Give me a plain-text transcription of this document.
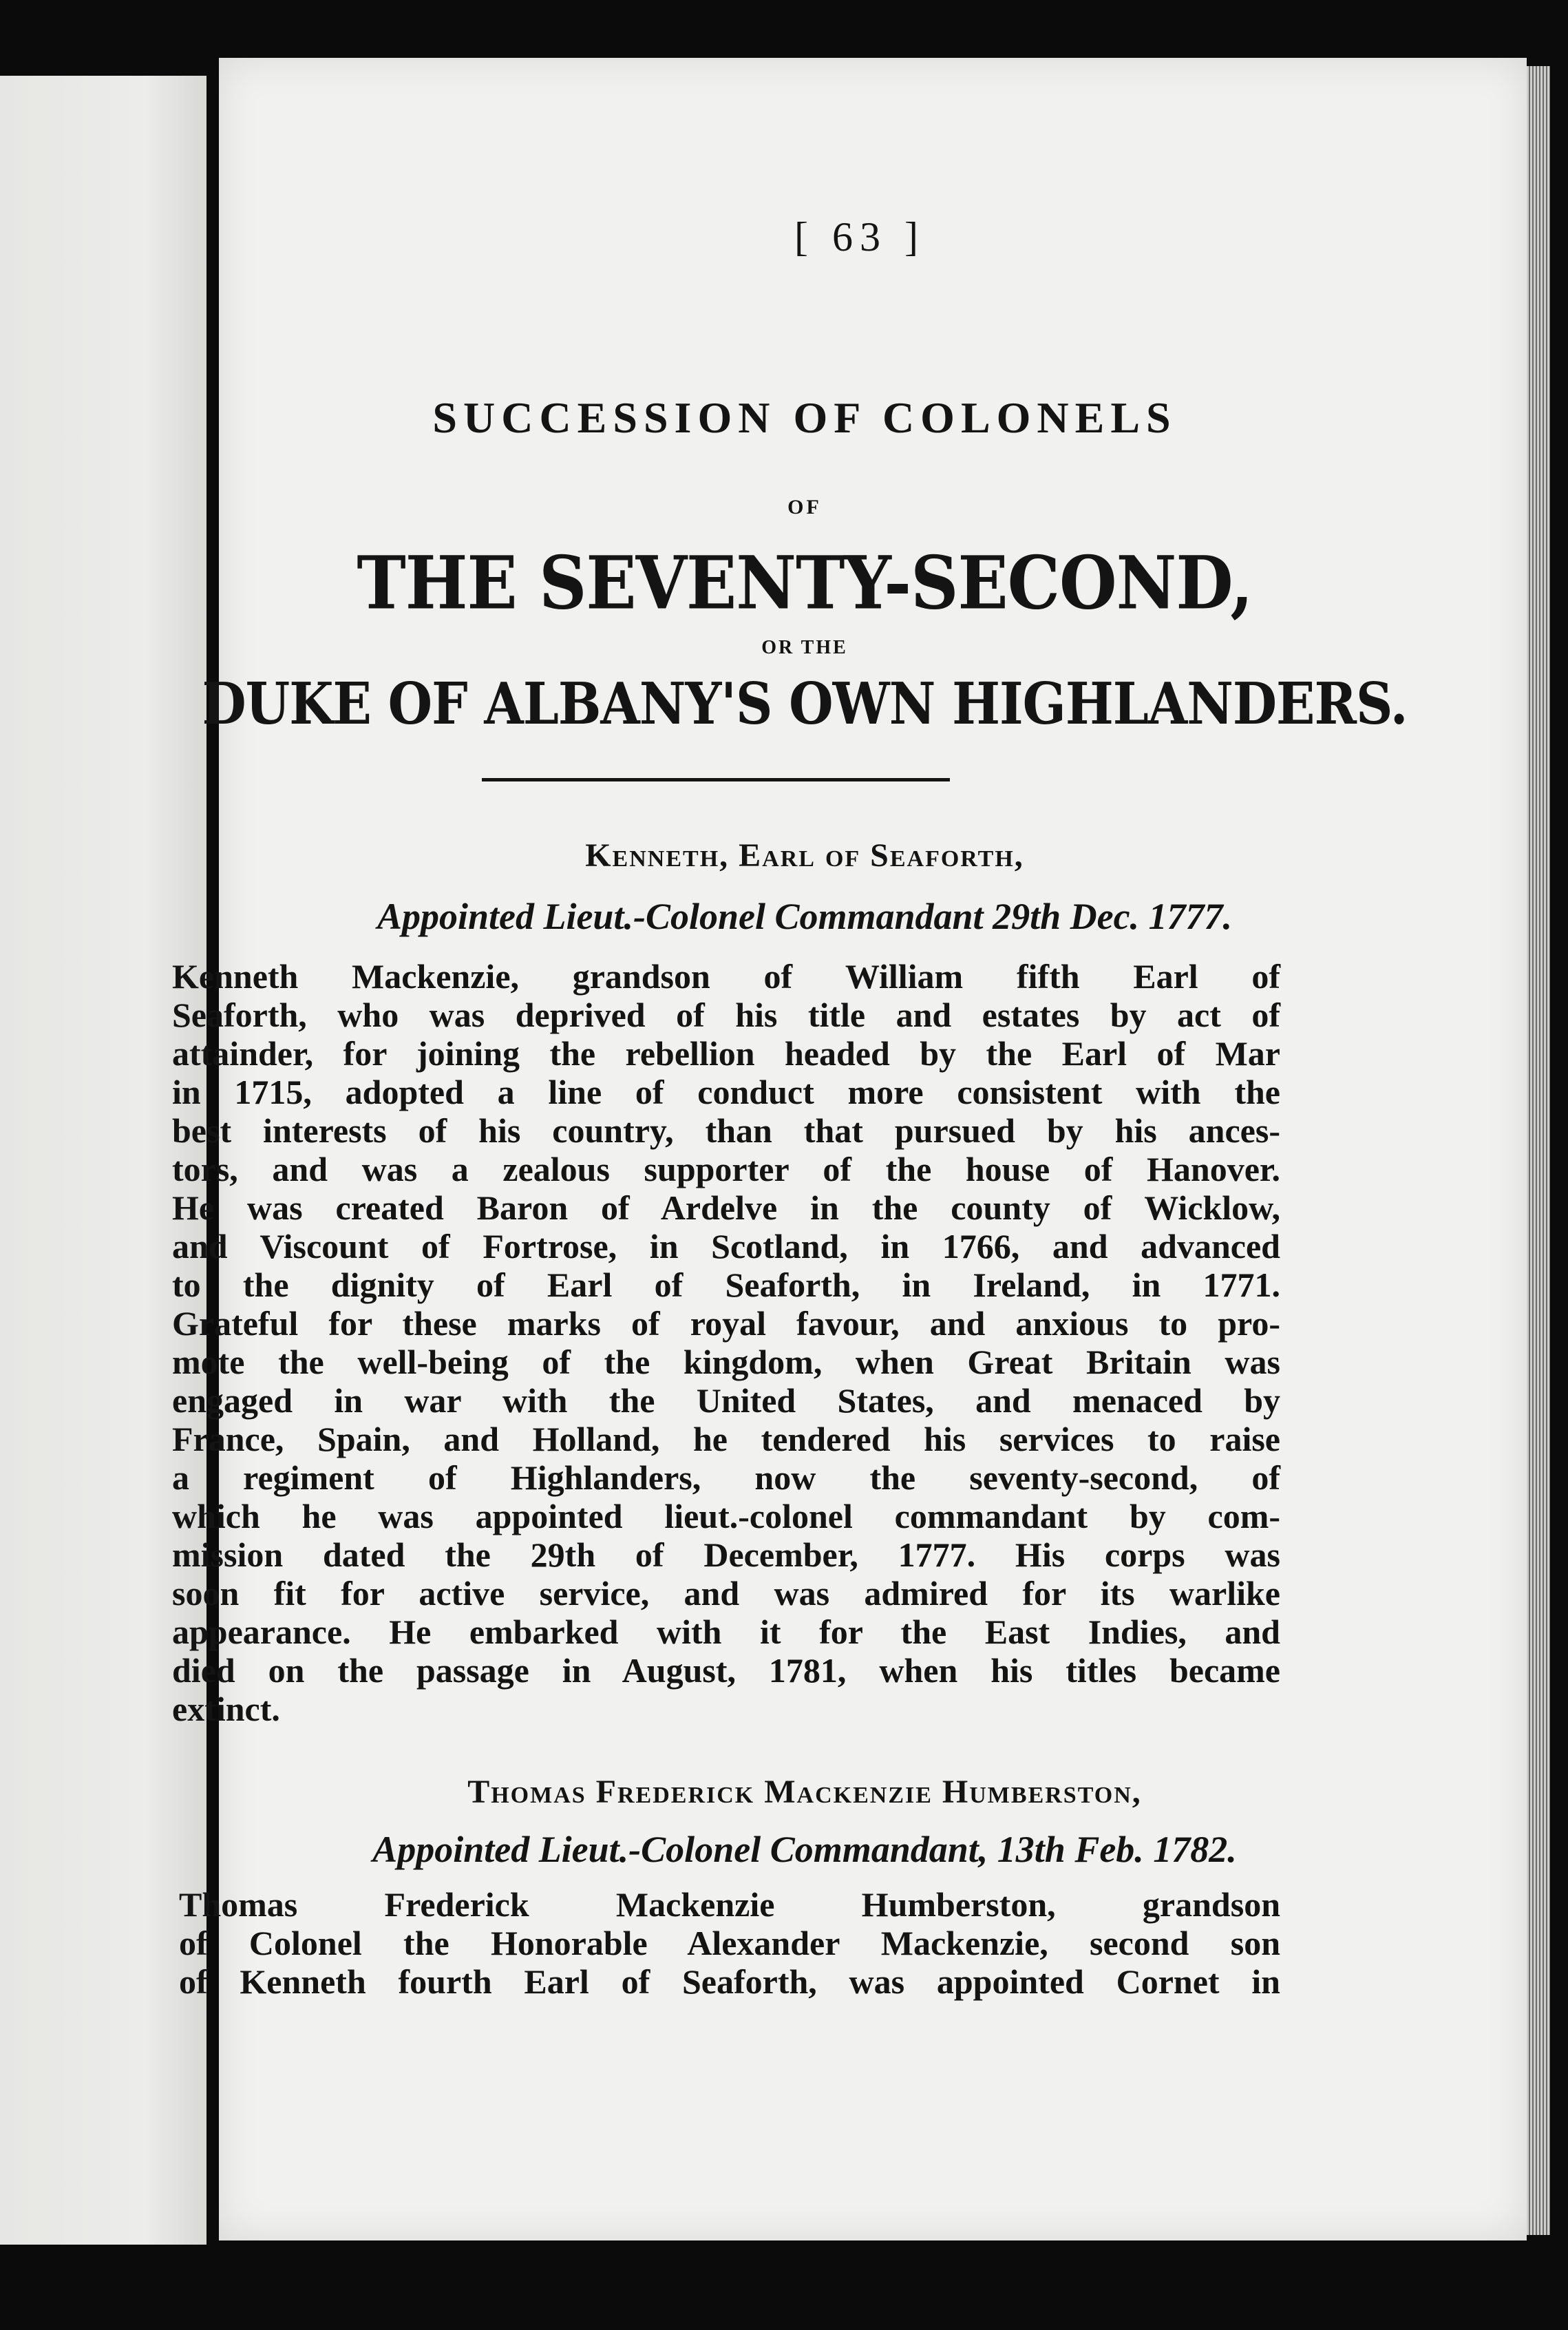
[ 63 ]
SUCCESSION OF COLONELS
OF
THE SEVENTY-SECOND,
OR THE
DUKE OF ALBANY'S OWN HIGHLANDERS.
Kenneth, Earl of Seaforth,
Appointed Lieut.-Colonel Commandant 29th Dec. 1777.
Kenneth Mackenzie, grandson of William fifth Earl of
Seaforth, who was deprived of his title and estates by act of
attainder, for joining the rebellion headed by the Earl of Mar
in 1715, adopted a line of conduct more consistent with the
best interests of his country, than that pursued by his ances-
tors, and was a zealous supporter of the house of Hanover.
He was created Baron of Ardelve in the county of Wicklow,
and Viscount of Fortrose, in Scotland, in 1766, and advanced
to the dignity of Earl of Seaforth, in Ireland, in 1771.
Grateful for these marks of royal favour, and anxious to pro-
mote the well-being of the kingdom, when Great Britain was
engaged in war with the United States, and menaced by
France, Spain, and Holland, he tendered his services to raise
a regiment of Highlanders, now the seventy-second, of
which he was appointed lieut.-colonel commandant by com-
mission dated the 29th of December, 1777. His corps was
soon fit for active service, and was admired for its warlike
appearance. He embarked with it for the East Indies, and
died on the passage in August, 1781, when his titles became
extinct.
Thomas Frederick Mackenzie Humberston,
Appointed Lieut.-Colonel Commandant, 13th Feb. 1782.
Thomas Frederick Mackenzie Humberston, grandson
of Colonel the Honorable Alexander Mackenzie, second son
of Kenneth fourth Earl of Seaforth, was appointed Cornet in
